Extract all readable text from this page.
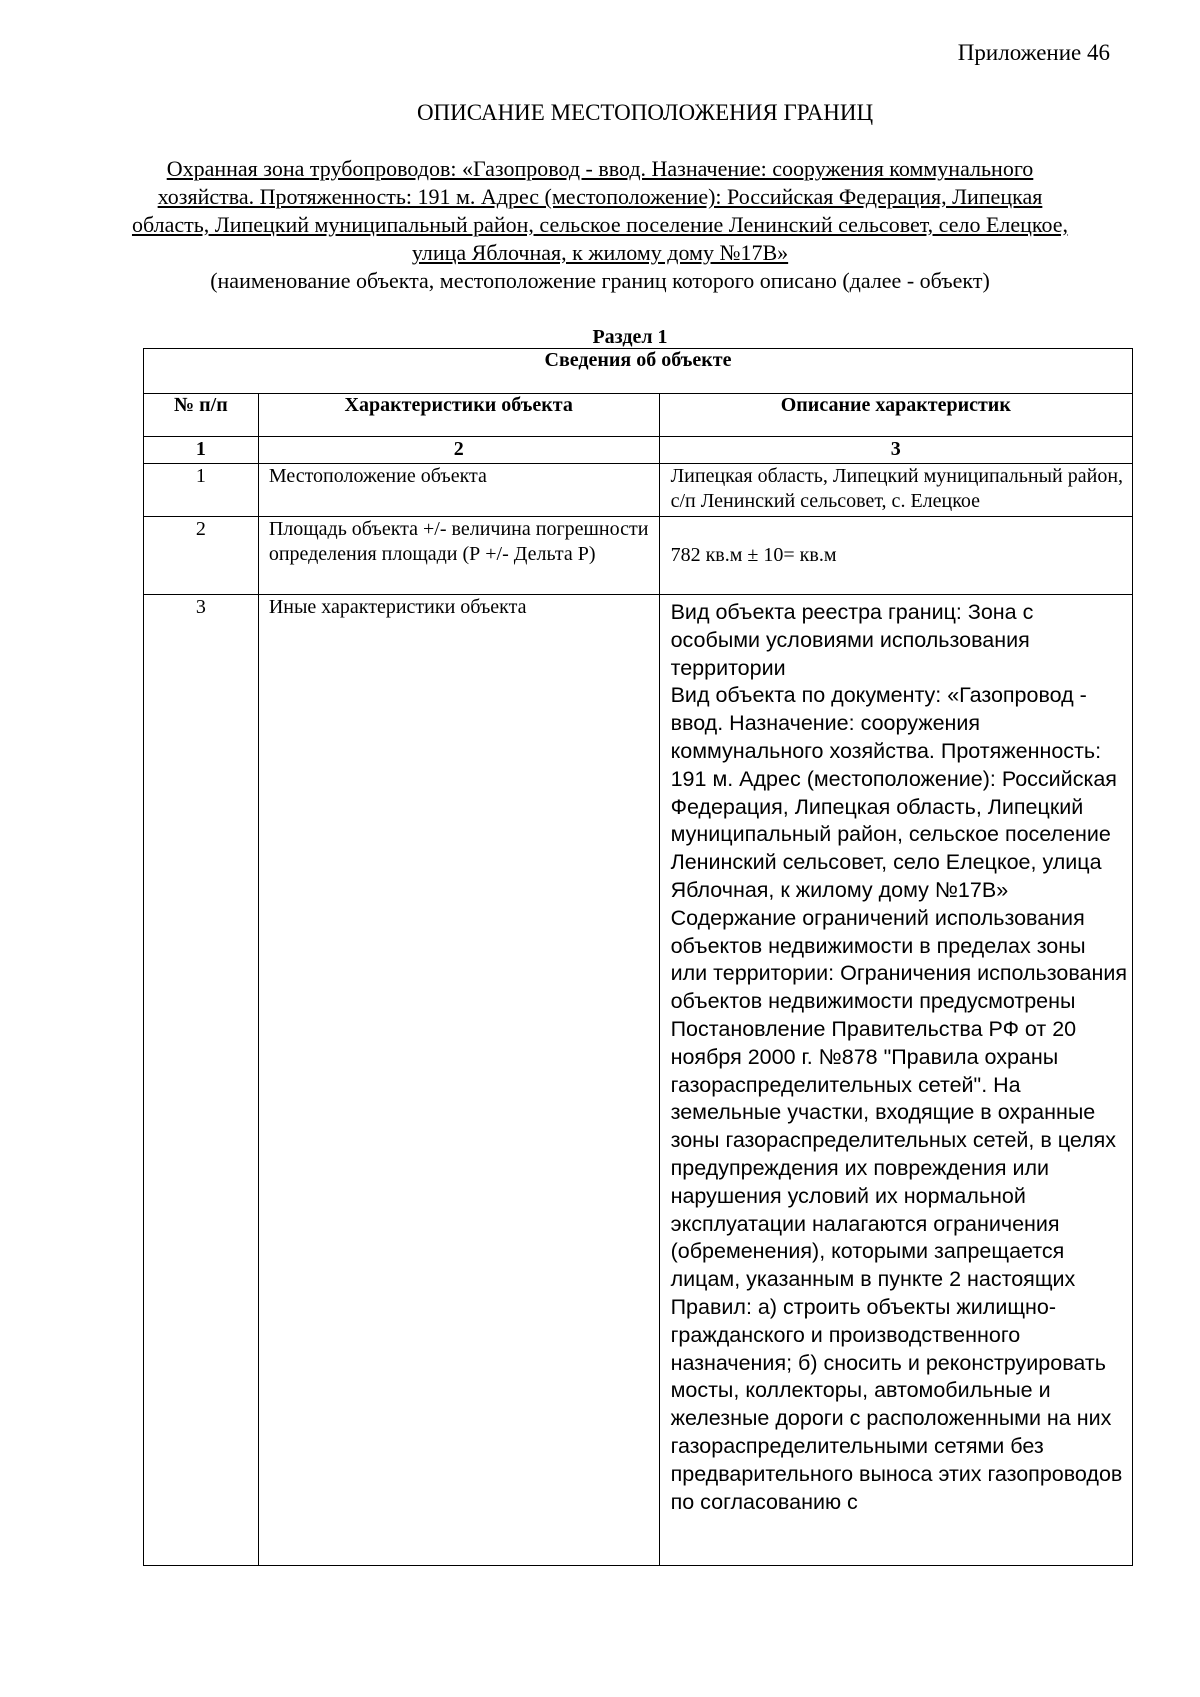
Приложение 46
ОПИСАНИЕ МЕСТОПОЛОЖЕНИЯ ГРАНИЦ
Охранная зона трубопроводов: «Газопровод - ввод. Назначение: сооружения коммунального хозяйства. Протяженность: 191 м. Адрес (местоположение): Российская Федерация, Липецкая область, Липецкий муниципальный район, сельское поселение Ленинский сельсовет, село Елецкое, улица Яблочная, к жилому дому №17В»
(наименование объекта, местоположение границ которого описано (далее - объект)
Раздел 1
Сведения об объекте		
№ п/п	Характеристики объекта	Описание характеристик
1	2	3
1	Местоположение объекта	Липецкая область, Липецкий муниципальный район, с/п Ленинский сельсовет, с. Елецкое
2	Площадь объекта +/- величина погрешности определения площади (Р +/- Дельта Р)	782 кв.м ± 10= кв.м
3	Иные характеристики объекта	Вид объекта реестра границ: Зона с особыми условиями использования территории
Вид объекта по документу: «Газопровод - ввод. Назначение: сооружения коммунального хозяйства. Протяженность: 191 м. Адрес (местоположение): Российская Федерация, Липецкая область, Липецкий муниципальный район, сельское поселение Ленинский сельсовет, село Елецкое, улица Яблочная, к жилому дому №17В»
Содержание ограничений использования объектов недвижимости в пределах зоны или территории: Ограничения использования объектов недвижимости предусмотрены Постановление Правительства РФ от 20 ноября 2000 г. №878 "Правила охраны газораспределительных сетей". На земельные участки, входящие в охранные зоны газораспределительных сетей, в целях предупреждения их повреждения или нарушения условий их нормальной эксплуатации налагаются ограничения (обременения), которыми запрещается лицам, указанным в пункте 2 настоящих Правил: а) строить объекты жилищно-гражданского и производственного назначения; б) сносить и реконструировать мосты, коллекторы, автомобильные и железные дороги с расположенными на них газораспределительными сетями без предварительного выноса этих газопроводов по согласованию с
